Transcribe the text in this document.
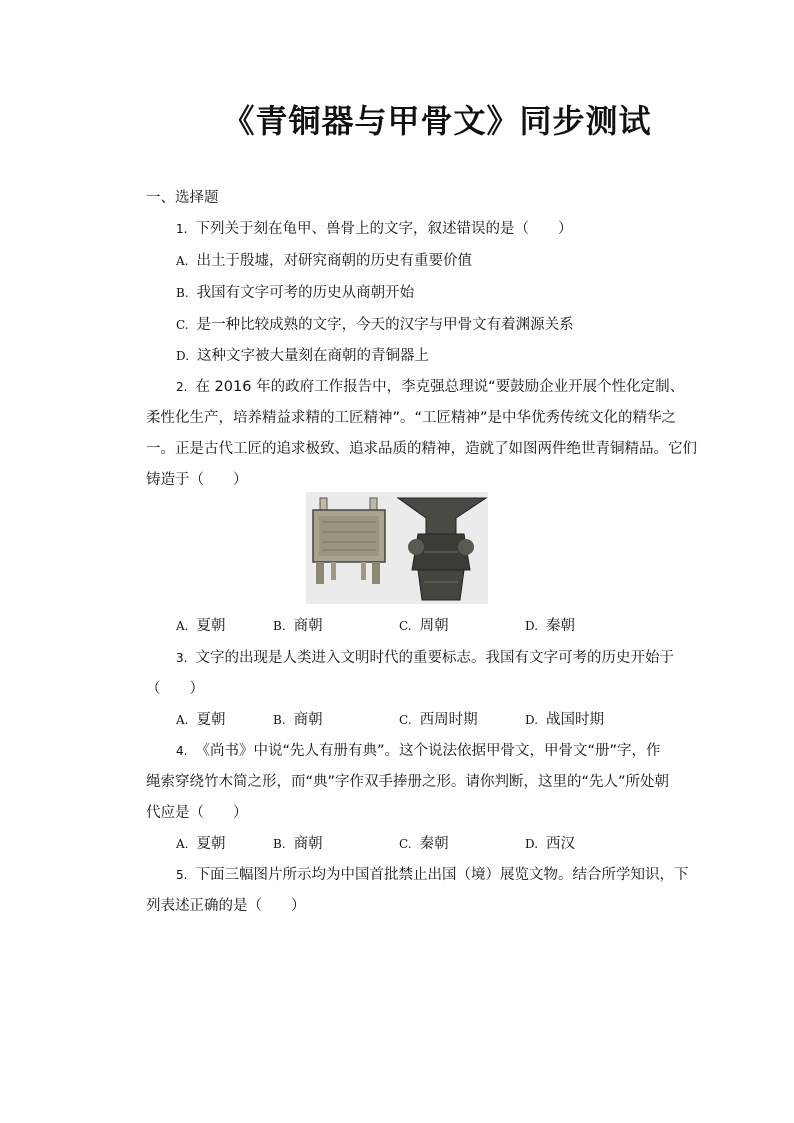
《青铜器与甲骨文》同步测试
一、选择题
1. 下列关于刻在龟甲、兽骨上的文字，叙述错误的是（　　）
A. 出土于殷墟，对研究商朝的历史有重要价值
B. 我国有文字可考的历史从商朝开始
C. 是一种比较成熟的文字，今天的汉字与甲骨文有着渊源关系
D. 这种文字被大量刻在商朝的青铜器上
2. 在 2016 年的政府工作报告中，李克强总理说“要鼓励企业开展个性化定制、
柔性化生产，培养精益求精的工匠精神”。“工匠精神”是中华优秀传统文化的精华之
一。正是古代工匠的追求极致、追求品质的精神，造就了如图两件绝世青铜精品。它们
铸造于（　　）
A. 夏朝	B. 商朝	C. 周朝	D. 秦朝
3. 文字的出现是人类进入文明时代的重要标志。我国有文字可考的历史开始于
（　　）
A. 夏朝	B. 商朝	C. 西周时期	D. 战国时期
4. 《尚书》中说“先人有册有典”。这个说法依据甲骨文，甲骨文“册”字，作
绳索穿绕竹木简之形，而“典”字作双手捧册之形。请你判断，这里的“先人”所处朝
代应是（　　）
A. 夏朝	B. 商朝	C. 秦朝	D. 西汉
5. 下面三幅图片所示均为中国首批禁止出国（境）展览文物。结合所学知识，下
列表述正确的是（　　）
